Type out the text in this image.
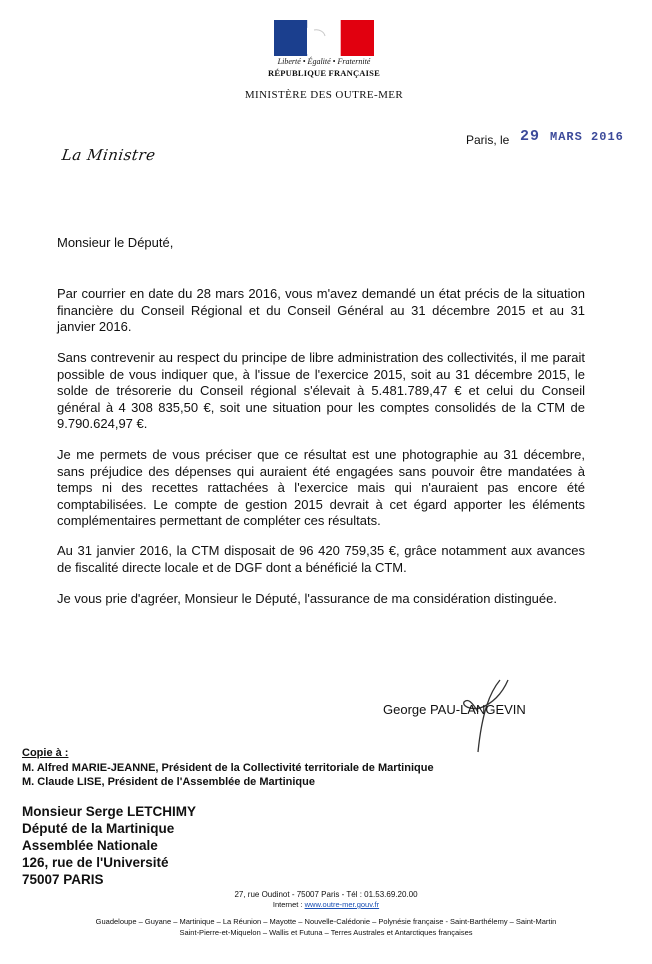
Liberté • Égalité • Fraternité
RÉPUBLIQUE FRANÇAISE
MINISTÈRE DES OUTRE-MER
Paris, le 29 MARS 2016
La Ministre
Monsieur le Député,

Par courrier en date du 28 mars 2016, vous m'avez demandé un état précis de la situation financière du Conseil Régional et du Conseil Général au 31 décembre 2015 et au 31 janvier 2016.

Sans contrevenir au respect du principe de libre administration des collectivités, il me parait possible de vous indiquer que, à l'issue de l'exercice 2015, soit au 31 décembre 2015, le solde de trésorerie du Conseil régional s'élevait à 5.481.789,47 € et celui du Conseil général à 4 308 835,50 €, soit une situation pour les comptes consolidés de la CTM de 9.790.624,97 €.

Je me permets de vous préciser que ce résultat est une photographie au 31 décembre, sans préjudice des dépenses qui auraient été engagées sans pouvoir être mandatées à temps ni des recettes rattachées à l'exercice mais qui n'auraient pas encore été comptabilisées. Le compte de gestion 2015 devrait à cet égard apporter les éléments complémentaires permettant de compléter ces résultats.

Au 31 janvier 2016, la CTM disposait de 96 420 759,35 €, grâce notamment aux avances de fiscalité directe locale et de DGF dont a bénéficié la CTM.

Je vous prie d'agréer, Monsieur le Député, l'assurance de ma considération distinguée.

George PAU-LANGEVIN
Copie à :
M. Alfred MARIE-JEANNE, Président de la Collectivité territoriale de Martinique
M. Claude LISE, Président de l'Assemblée de Martinique
Monsieur Serge LETCHIMY
Député de la Martinique
Assemblée Nationale
126, rue de l'Université
75007 PARIS
27, rue Oudinot - 75007 Paris - Tél : 01.53.69.20.00
Internet : www.outre-mer.gouv.fr
Guadeloupe – Guyane – Martinique – La Réunion – Mayotte – Nouvelle-Calédonie – Polynésie française - Saint-Barthélemy – Saint-Martin
Saint-Pierre-et-Miquelon – Wallis et Futuna – Terres Australes et Antarctiques françaises
